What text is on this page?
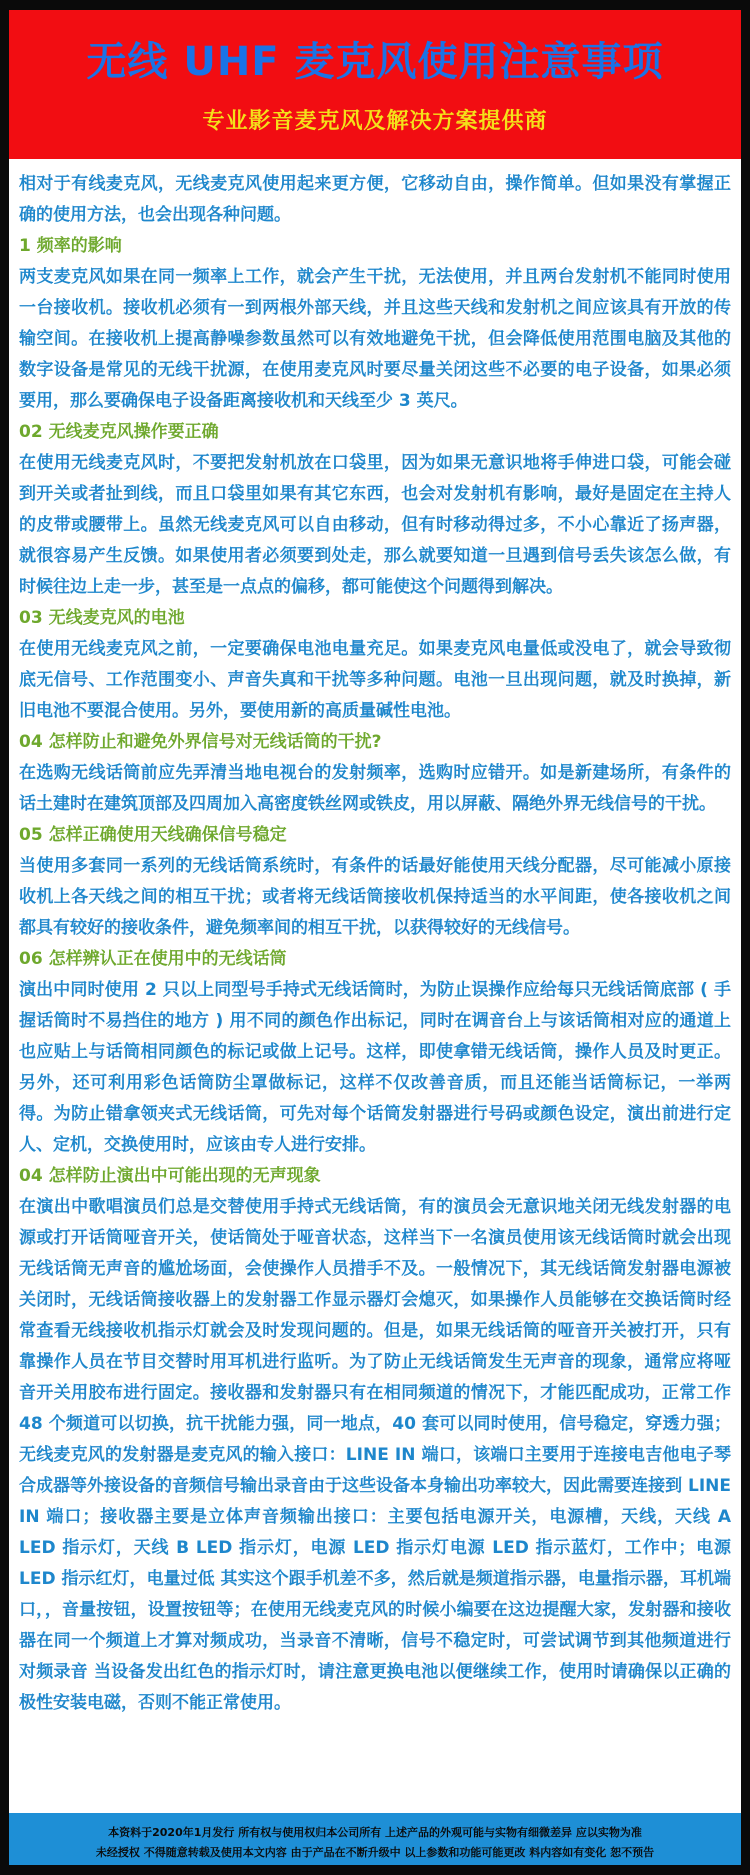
无线 UHF 麦克风使用注意事项
专业影音麦克风及解决方案提供商

相对于有线麦克风，无线麦克风使用起来更方便，它移动自由，操作简单。但如果没有掌握正确的使用方法，也会出现各种问题。

1 频率的影响

两支麦克风如果在同一频率上工作，就会产生干扰，无法使用，并且两台发射机不能同时使用一台接收机。接收机必须有一到两根外部天线，并且这些天线和发射机之间应该具有开放的传输空间。在接收机上提高静噪参数虽然可以有效地避免干扰，但会降低使用范围电脑及其他的数字设备是常见的无线干扰源，在使用麦克风时要尽量关闭这些不必要的电子设备，如果必须要用，那么要确保电子设备距离接收机和天线至少 3 英尺。

02 无线麦克风操作要正确

在使用无线麦克风时，不要把发射机放在口袋里，因为如果无意识地将手伸进口袋，可能会碰到开关或者扯到线，而且口袋里如果有其它东西，也会对发射机有影响，最好是固定在主持人的皮带或腰带上。虽然无线麦克风可以自由移动，但有时移动得过多，不小心靠近了扬声器，就很容易产生反馈。如果使用者必须要到处走，那么就要知道一旦遇到信号丢失该怎么做，有时候往边上走一步，甚至是一点点的偏移，都可能使这个问题得到解决。

03 无线麦克风的电池

在使用无线麦克风之前，一定要确保电池电量充足。如果麦克风电量低或没电了，就会导致彻底无信号、工作范围变小、声音失真和干扰等多种问题。电池一旦出现问题，就及时换掉，新旧电池不要混合使用。另外，要使用新的高质量碱性电池。

04 怎样防止和避免外界信号对无线话筒的干扰?

在选购无线话筒前应先弄清当地电视台的发射频率，选购时应错开。如是新建场所，有条件的话土建时在建筑顶部及四周加入高密度铁丝网或铁皮，用以屏蔽、隔绝外界无线信号的干扰。

05 怎样正确使用天线确保信号稳定

当使用多套同一系列的无线话筒系统时，有条件的话最好能使用天线分配器，尽可能减小原接收机上各天线之间的相互干扰；或者将无线话筒接收机保持适当的水平间距，使各接收机之间都具有较好的接收条件，避免频率间的相互干扰，以获得较好的无线信号。

06 怎样辨认正在使用中的无线话筒

演出中同时使用 2 只以上同型号手持式无线话筒时，为防止误操作应给每只无线话筒底部 ( 手握话筒时不易挡住的地方 ) 用不同的颜色作出标记，同时在调音台上与该话筒相对应的通道上也应贴上与话筒相同颜色的标记或做上记号。这样，即使拿错无线话筒，操作人员及时更正。另外，还可利用彩色话筒防尘罩做标记，这样不仅改善音质，而且还能当话筒标记，一举两得。为防止错拿领夹式无线话筒，可先对每个话筒发射器进行号码或颜色设定，演出前进行定人、定机，交换使用时，应该由专人进行安排。

04 怎样防止演出中可能出现的无声现象

在演出中歌唱演员们总是交替使用手持式无线话筒，有的演员会无意识地关闭无线发射器的电源或打开话筒哑音开关，使话筒处于哑音状态，这样当下一名演员使用该无线话筒时就会出现无线话筒无声音的尴尬场面，会使操作人员措手不及。一般情况下，其无线话筒发射器电源被关闭时，无线话筒接收器上的发射器工作显示器灯会熄灭，如果操作人员能够在交换话筒时经常查看无线接收机指示灯就会及时发现问题的。但是，如果无线话筒的哑音开关被打开，只有靠操作人员在节目交替时用耳机进行监听。为了防止无线话筒发生无声音的现象，通常应将哑音开关用胶布进行固定。接收器和发射器只有在相同频道的情况下，才能匹配成功，正常工作 48 个频道可以切换，抗干扰能力强，同一地点，40 套可以同时使用，信号稳定，穿透力强；无线麦克风的发射器是麦克风的输入接口：LINE IN 端口，该端口主要用于连接电吉他电子琴合成器等外接设备的音频信号输出录音由于这些设备本身输出功率较大，因此需要连接到 LINE IN 端口；接收器主要是立体声音频输出接口：主要包括电源开关，电源槽，天线，天线 A LED 指示灯，天线 B LED 指示灯，电源 LED 指示灯电源 LED 指示蓝灯，工作中；电源 LED 指示红灯，电量过低 其实这个跟手机差不多，然后就是频道指示器，电量指示器，耳机端口，，音量按钮，设置按钮等；在使用无线麦克风的时候小编要在这边提醒大家，发射器和接收器在同一个频道上才算对频成功，当录音不清晰，信号不稳定时，可尝试调节到其他频道进行对频录音 当设备发出红色的指示灯时，请注意更换电池以便继续工作，使用时请确保以正确的极性安装电磁，否则不能正常使用。

本资料于2020年1月发行 所有权与使用权归本公司所有 上述产品的外观可能与实物有细微差异 应以实物为准

未经授权 不得随意转载及使用本文内容 由于产品在不断升级中 以上参数和功能可能更改 料内容如有变化 恕不预告
